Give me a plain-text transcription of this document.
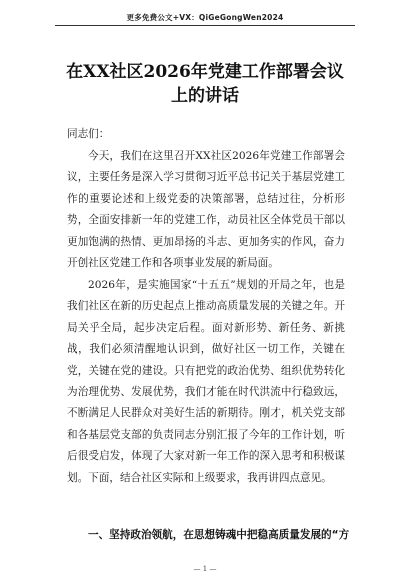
更多免费公文+VX：QiGeGongWen2024
在XX社区2026年党建工作部署会议上的讲话
同志们：
今天，我们在这里召开XX社区2026年党建工作部署会议，主要任务是深入学习贯彻习近平总书记关于基层党建工作的重要论述和上级党委的决策部署，总结过往，分析形势，全面安排新一年的党建工作，动员社区全体党员干部以更加饱满的热情、更加昂扬的斗志、更加务实的作风，奋力开创社区党建工作和各项事业发展的新局面。
2026年，是实施国家“十五五”规划的开局之年，也是我们社区在新的历史起点上推动高质量发展的关键之年。开局关乎全局，起步决定后程。面对新形势、新任务、新挑战，我们必须清醒地认识到，做好社区一切工作，关键在党，关键在党的建设。只有把党的政治优势、组织优势转化为治理优势、发展优势，我们才能在时代洪流中行稳致远，不断满足人民群众对美好生活的新期待。刚才，机关党支部和各基层党支部的负责同志分别汇报了今年的工作计划，听后很受启发，体现了大家对新一年工作的深入思考和积极谋划。下面，结合社区实际和上级要求，我再讲四点意见。
一、坚持政治领航，在思想铸魂中把稳高质量发展的“方
— 1 —
